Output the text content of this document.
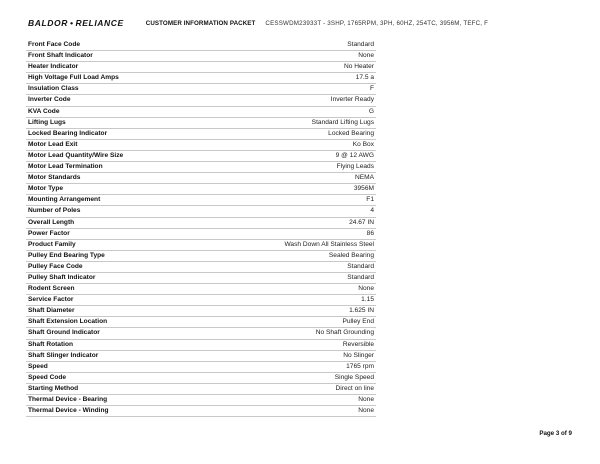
BALDOR • RELIANCE	CUSTOMER INFORMATION PACKET CESSWDM23933T - 3SHP, 1765RPM, 3PH, 60HZ, 254TC, 3956M, TEFC, F
Front Face Code	Standard
Front Shaft Indicator	None
Heater Indicator	No Heater
High Voltage Full Load Amps	17.5 a
Insulation Class	F
Inverter Code	Inverter Ready
KVA Code	G
Lifting Lugs	Standard Lifting Lugs
Locked Bearing Indicator	Locked Bearing
Motor Lead Exit	Ko Box
Motor Lead Quantity/Wire Size	9 @ 12 AWG
Motor Lead Termination	Flying Leads
Motor Standards	NEMA
Motor Type	3956M
Mounting Arrangement	F1
Number of Poles	4
Overall Length	24.67 IN
Power Factor	86
Product Family	Wash Down All Stainless Steel
Pulley End Bearing Type	Sealed Bearing
Pulley Face Code	Standard
Pulley Shaft Indicator	Standard
Rodent Screen	None
Service Factor	1.15
Shaft Diameter	1.625 IN
Shaft Extension Location	Pulley End
Shaft Ground Indicator	No Shaft Grounding
Shaft Rotation	Reversible
Shaft Slinger Indicator	No Slinger
Speed	1765 rpm
Speed Code	Single Speed
Starting Method	Direct on line
Thermal Device - Bearing	None
Thermal Device - Winding	None
Page 3 of 9
